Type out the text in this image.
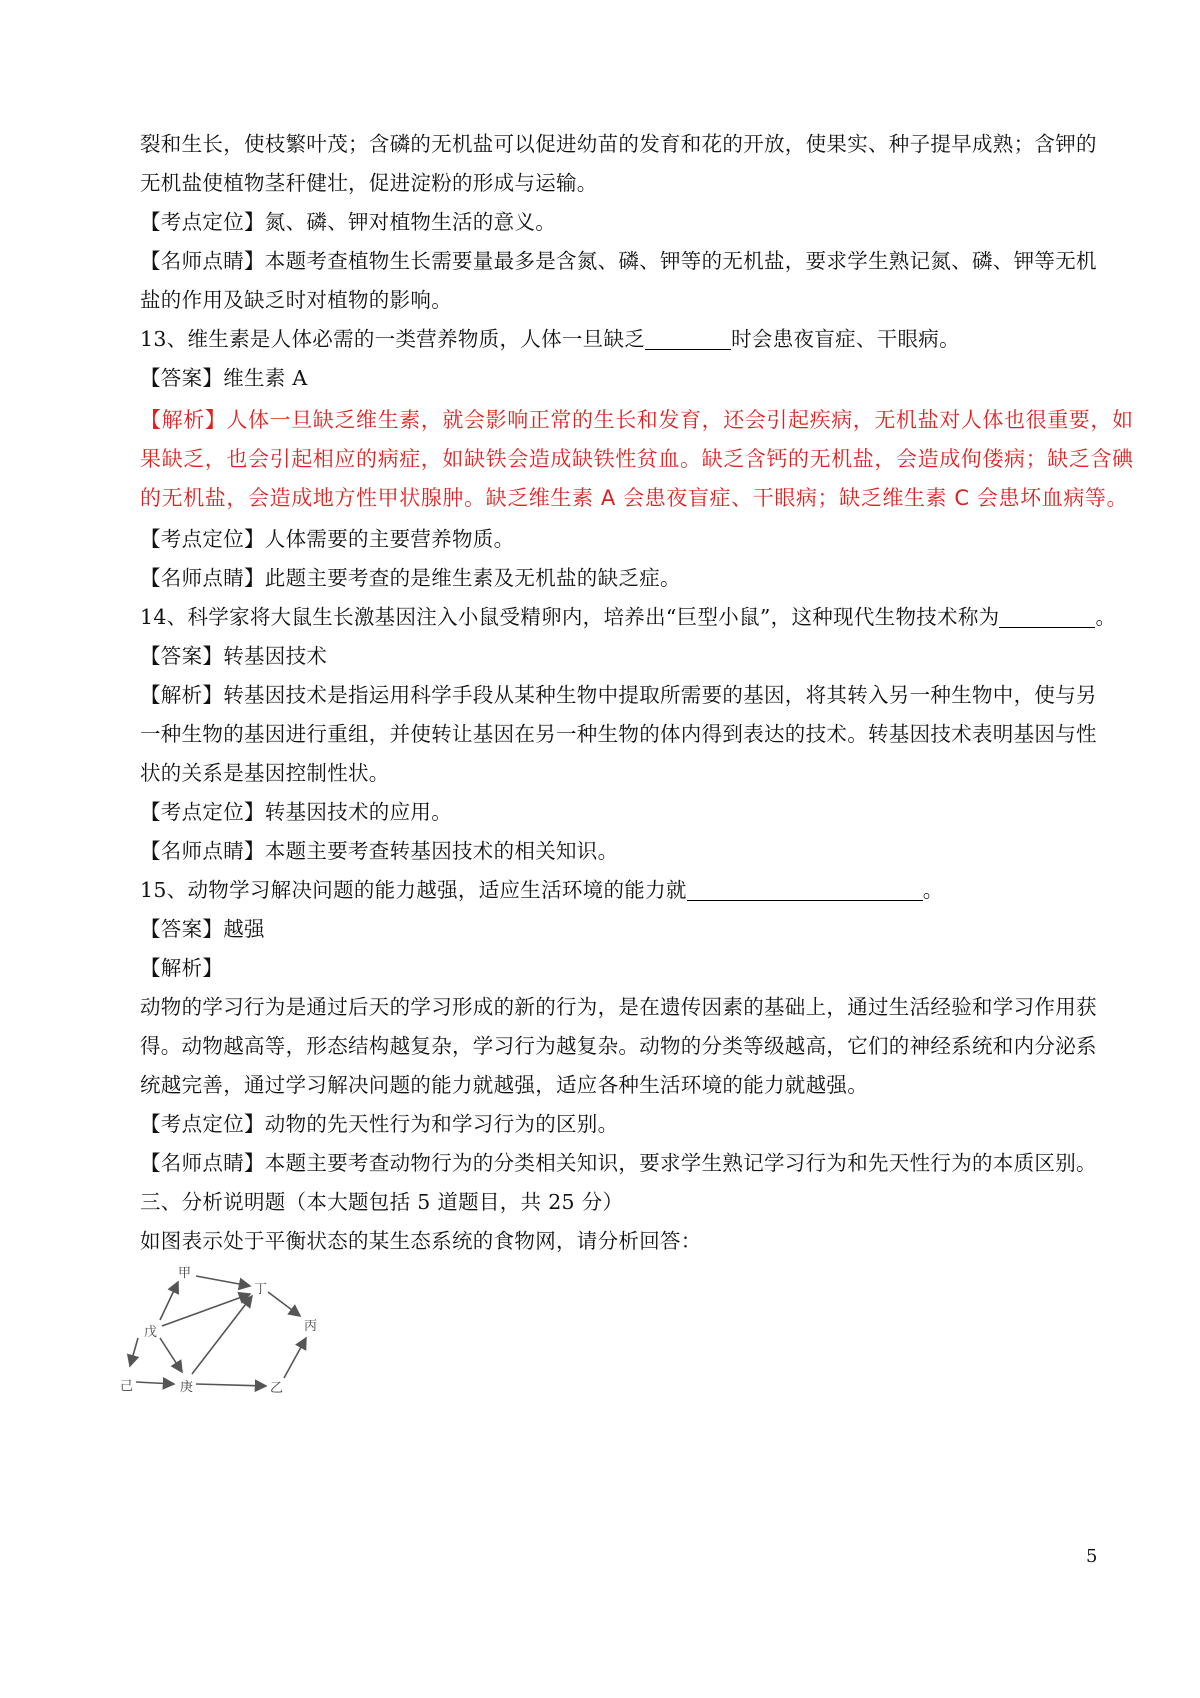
裂和生长，使枝繁叶茂；含磷的无机盐可以促进幼苗的发育和花的开放，使果实、种子提早成熟；含钾的
无机盐使植物茎秆健壮，促进淀粉的形成与运输。
【考点定位】氮、磷、钾对植物生活的意义。
【名师点睛】本题考查植物生长需要量最多是含氮、磷、钾等的无机盐，要求学生熟记氮、磷、钾等无机
盐的作用及缺乏时对植物的影响。
13、维生素是人体必需的一类营养物质，人体一旦缺乏	时会患夜盲症、干眼病。
【答案】维生素 A
【解析】人体一旦缺乏维生素，就会影响正常的生长和发育，还会引起疾病，无机盐对人体也很重要，如
果缺乏，也会引起相应的病症，如缺铁会造成缺铁性贫血。缺乏含钙的无机盐，会造成佝偻病；缺乏含碘
的无机盐，会造成地方性甲状腺肿。缺乏维生素 A 会患夜盲症、干眼病；缺乏维生素 C 会患坏血病等。
【考点定位】人体需要的主要营养物质。
【名师点睛】此题主要考查的是维生素及无机盐的缺乏症。
14、科学家将大鼠生长激基因注入小鼠受精卵内，培养出“巨型小鼠”，这种现代生物技术称为	。
【答案】转基因技术
【解析】转基因技术是指运用科学手段从某种生物中提取所需要的基因，将其转入另一种生物中，使与另
一种生物的基因进行重组，并使转让基因在另一种生物的体内得到表达的技术。转基因技术表明基因与性
状的关系是基因控制性状。
【考点定位】转基因技术的应用。
【名师点睛】本题主要考查转基因技术的相关知识。
15、动物学习解决问题的能力越强，适应生活环境的能力就	。
【答案】越强
【解析】
动物的学习行为是通过后天的学习形成的新的行为，是在遗传因素的基础上，通过生活经验和学习作用获
得。动物越高等，形态结构越复杂，学习行为越复杂。动物的分类等级越高，它们的神经系统和内分泌系
统越完善，通过学习解决问题的能力就越强，适应各种生活环境的能力就越强。
【考点定位】动物的先天性行为和学习行为的区别。
【名师点睛】本题主要考查动物行为的分类相关知识，要求学生熟记学习行为和先天性行为的本质区别。
三、分析说明题（本大题包括 5 道题目，共 25 分）
如图表示处于平衡状态的某生态系统的食物网，请分析回答：
甲
丁
丙
戊
己	庚	乙
5
